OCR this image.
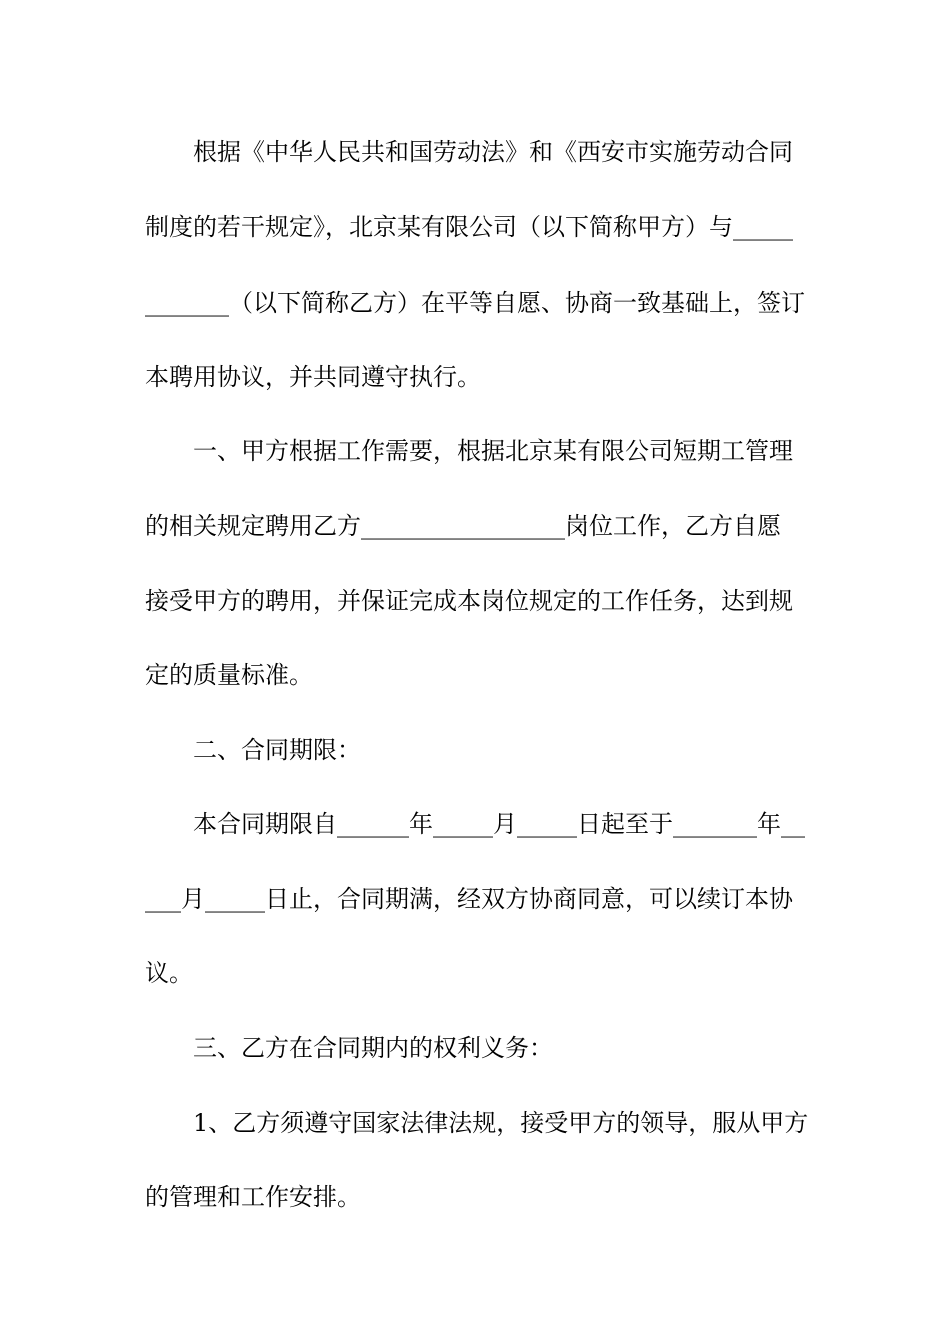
根据《中华人民共和国劳动法》和《西安市实施劳动合同
制度的若干规定》，北京某有限公司（以下简称甲方）与_____
_______（以下简称乙方）在平等自愿、协商一致基础上，签订
本聘用协议，并共同遵守执行。
一、甲方根据工作需要，根据北京某有限公司短期工管理
的相关规定聘用乙方_________________岗位工作，乙方自愿
接受甲方的聘用，并保证完成本岗位规定的工作任务，达到规
定的质量标准。
二、合同期限：
本合同期限自______年_____月_____日起至于_______年__
___月_____日止，合同期满，经双方协商同意，可以续订本协
议。
三、乙方在合同期内的权利义务：
1、乙方须遵守国家法律法规，接受甲方的领导，服从甲方
的管理和工作安排。
